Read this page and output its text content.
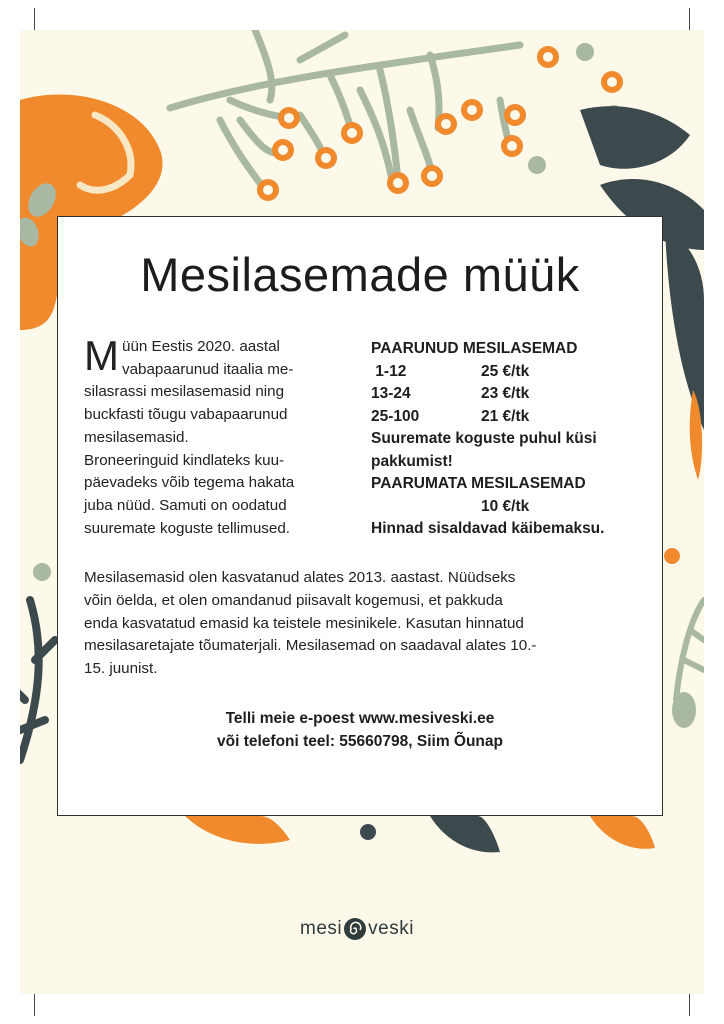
mesi veski
Mesilasemade müük
M üün Eestis 2020. aastal
vabapaarunud itaalia me-
silasrassi mesilasemasid ning
buckfasti tõugu vabapaarunud
mesilasemasid.
Broneeringuid kindlateks kuu-
päevadeks võib tegema hakata
juba nüüd. Samuti on oodatud
suuremate koguste tellimused.
PAARUNUD MESILASEMAD
1-12	25 €/tk
13-24	23 €/tk
25-100	21 €/tk
Suuremate koguste puhul küsi
pakkumist!
PAARUMATA MESILASEMAD
10 €/tk
Hinnad sisaldavad käibemaksu.
Mesilasemasid olen kasvatanud alates 2013. aastast. Nüüdseks
võin öelda, et olen omandanud piisavalt kogemusi, et pakkuda
enda kasvatatud emasid ka teistele mesinikele. Kasutan hinnatud
mesilasaretajate tõumaterjali. Mesilasemad on saadaval alates 10.-
15. juunist.
Telli meie e-poest www.mesiveski.ee
või telefoni teel: 55660798, Siim Õunap
